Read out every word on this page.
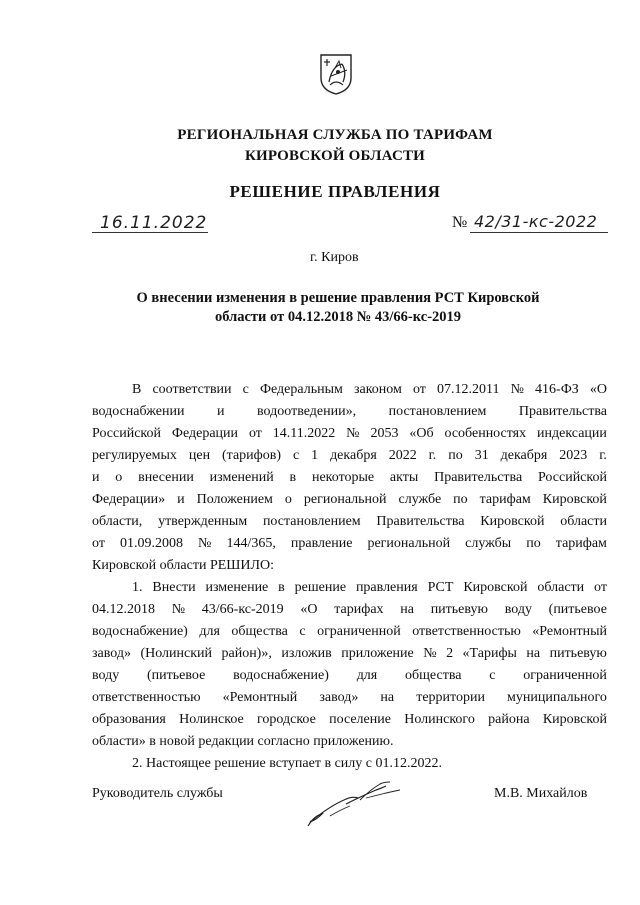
РЕГИОНАЛЬНАЯ СЛУЖБА ПО ТАРИФАМ
КИРОВСКОЙ ОБЛАСТИ
РЕШЕНИЕ ПРАВЛЕНИЯ
16.11.2022	№ 42/31-кс-2022
г. Киров
О внесении изменения в решение правления РСТ Кировской
области от 04.12.2018 № 43/66-кс-2019
В соответствии с Федеральным законом от 07.12.2011 № 416-ФЗ «О
водоснабжении и водоотведении», постановлением Правительства
Российской Федерации от 14.11.2022 № 2053 «Об особенностях индексации
регулируемых цен (тарифов) с 1 декабря 2022 г. по 31 декабря 2023 г.
и о внесении изменений в некоторые акты Правительства Российской
Федерации» и Положением о региональной службе по тарифам Кировской
области, утвержденным постановлением Правительства Кировской области
от 01.09.2008 № 144/365, правление региональной службы по тарифам
Кировской области РЕШИЛО:
1. Внести изменение в решение правления РСТ Кировской области от
04.12.2018 № 43/66-кс-2019 «О тарифах на питьевую воду (питьевое
водоснабжение) для общества с ограниченной ответственностью «Ремонтный
завод» (Нолинский район)», изложив приложение № 2 «Тарифы на питьевую
воду (питьевое водоснабжение) для общества с ограниченной
ответственностью «Ремонтный завод» на территории муниципального
образования Нолинское городское поселение Нолинского района Кировской
области» в новой редакции согласно приложению.
2. Настоящее решение вступает в силу с 01.12.2022.
Руководитель службы	М.В. Михайлов
